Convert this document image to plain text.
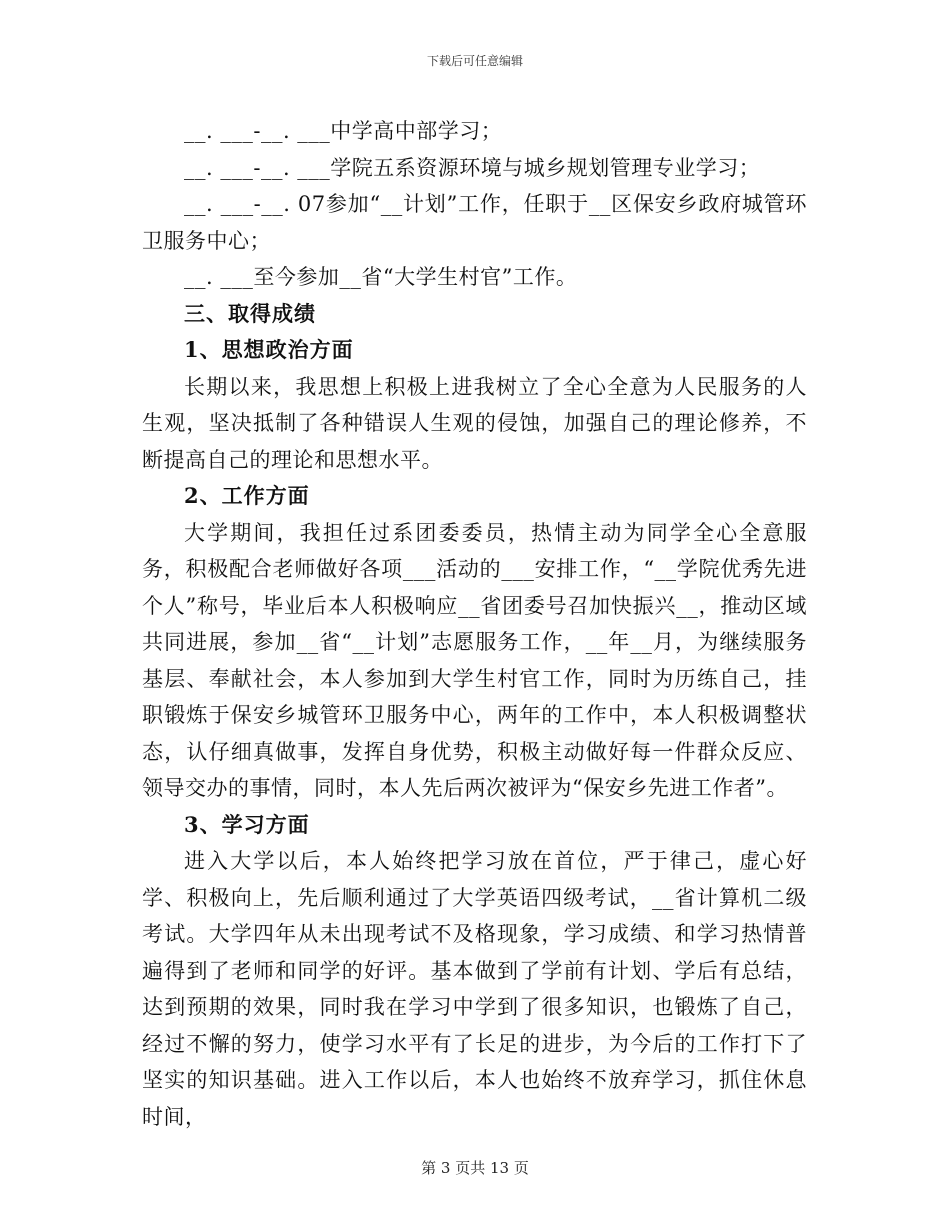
下载后可任意编辑

__. ___-__. ___中学高中部学习；

__. ___-__. ___学院五系资源环境与城乡规划管理专业学习；

__. ___-__. 07参加“__计划”工作，任职于__区保安乡政府城管环卫服务中心；

__. ___至今参加__省“大学生村官”工作。

三、取得成绩

1、思想政治方面

长期以来，我思想上积极上进我树立了全心全意为人民服务的人生观，坚决抵制了各种错误人生观的侵蚀，加强自己的理论修养，不断提高自己的理论和思想水平。

2、工作方面

大学期间，我担任过系团委委员，热情主动为同学全心全意服务，积极配合老师做好各项___活动的___安排工作，“__学院优秀先进个人”称号，毕业后本人积极响应__省团委号召加快振兴__，推动区域共同进展，参加__省“__计划”志愿服务工作，__年__月，为继续服务基层、奉献社会，本人参加到大学生村官工作，同时为历练自己，挂职锻炼于保安乡城管环卫服务中心，两年的工作中，本人积极调整状态，认仔细真做事，发挥自身优势，积极主动做好每一件群众反应、领导交办的事情，同时，本人先后两次被评为“保安乡先进工作者”。

3、学习方面

进入大学以后，本人始终把学习放在首位，严于律己，虚心好学、积极向上，先后顺利通过了大学英语四级考试，__省计算机二级考试。大学四年从未出现考试不及格现象，学习成绩、和学习热情普遍得到了老师和同学的好评。基本做到了学前有计划、学后有总结，达到预期的效果，同时我在学习中学到了很多知识，也锻炼了自己，经过不懈的努力，使学习水平有了长足的进步，为今后的工作打下了坚实的知识基础。进入工作以后，本人也始终不放弃学习，抓住休息时间，

第 3 页共 13 页
